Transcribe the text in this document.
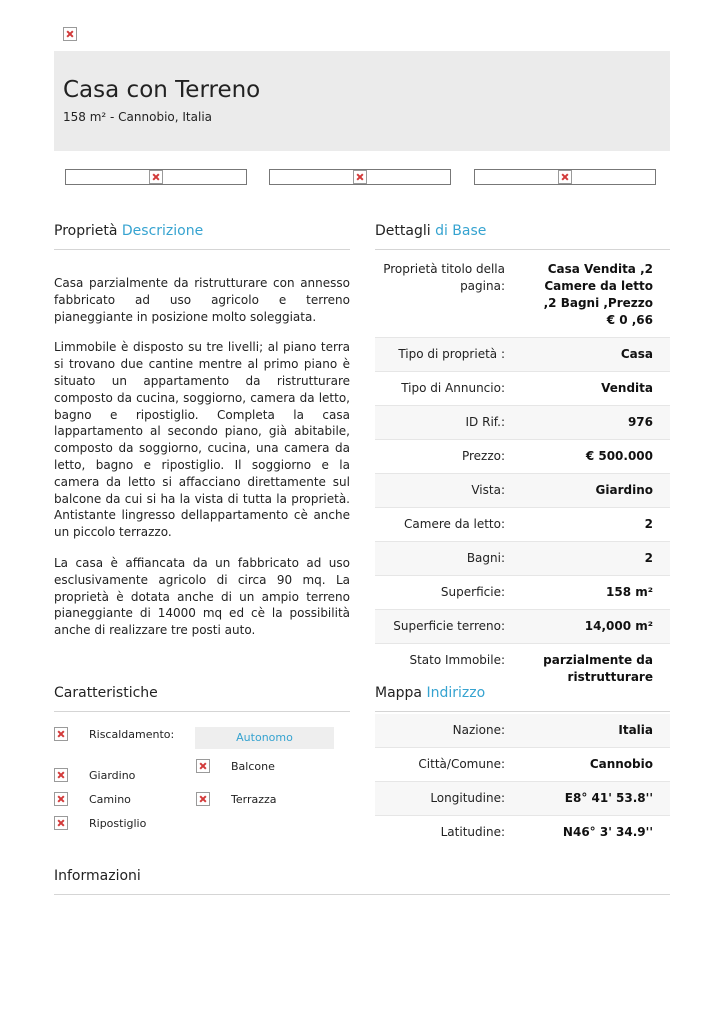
Casa con Terreno
158 m² - Cannobio, Italia
Proprietà Descrizione

Casa parzialmente da ristrutturare con annesso fabbricato ad uso agricolo e terreno pianeggiante in posizione molto soleggiata.

Limmobile è disposto su tre livelli; al piano terra si trovano due cantine mentre al primo piano è situato un appartamento da ristrutturare composto da cucina, soggiorno, camera da letto, bagno e ripostiglio. Completa la casa lappartamento al secondo piano, già abitabile, composto da soggiorno, cucina, una camera da letto, bagno e ripostiglio. Il soggiorno e la camera da letto si affacciano direttamente sul balcone da cui si ha la vista di tutta la proprietà. Antistante lingresso dellappartamento cè anche un piccolo terrazzo.

La casa è affiancata da un fabbricato ad uso esclusivamente agricolo di circa 90 mq. La proprietà è dotata anche di un ampio terreno pianeggiante di 14000 mq ed cè la possibilità anche di realizzare tre posti auto.

Dettagli di Base
Proprietà titolo della pagina:	Casa Vendita ,2 Camere da letto ,2 Bagni ,Prezzo € 0 ,66
Tipo di proprietà :	Casa
Tipo di Annuncio:	Vendita
ID Rif.:	976
Prezzo:	€ 500.000
Vista:	Giardino
Camere da letto:	2
Bagni:	2
Superficie:	158 m²
Superficie terreno:	14,000 m²
Stato Immobile:	parzialmente da ristrutturare
Caratteristiche
Riscaldamento:	Autonomo
Giardino
Camino
Ripostiglio
Balcone
Terrazza
Mappa Indirizzo
Nazione:	Italia
Città/Comune:	Cannobio
Longitudine:	E8° 41' 53.8''
Latitudine:	N46° 3' 34.9''
Informazioni
